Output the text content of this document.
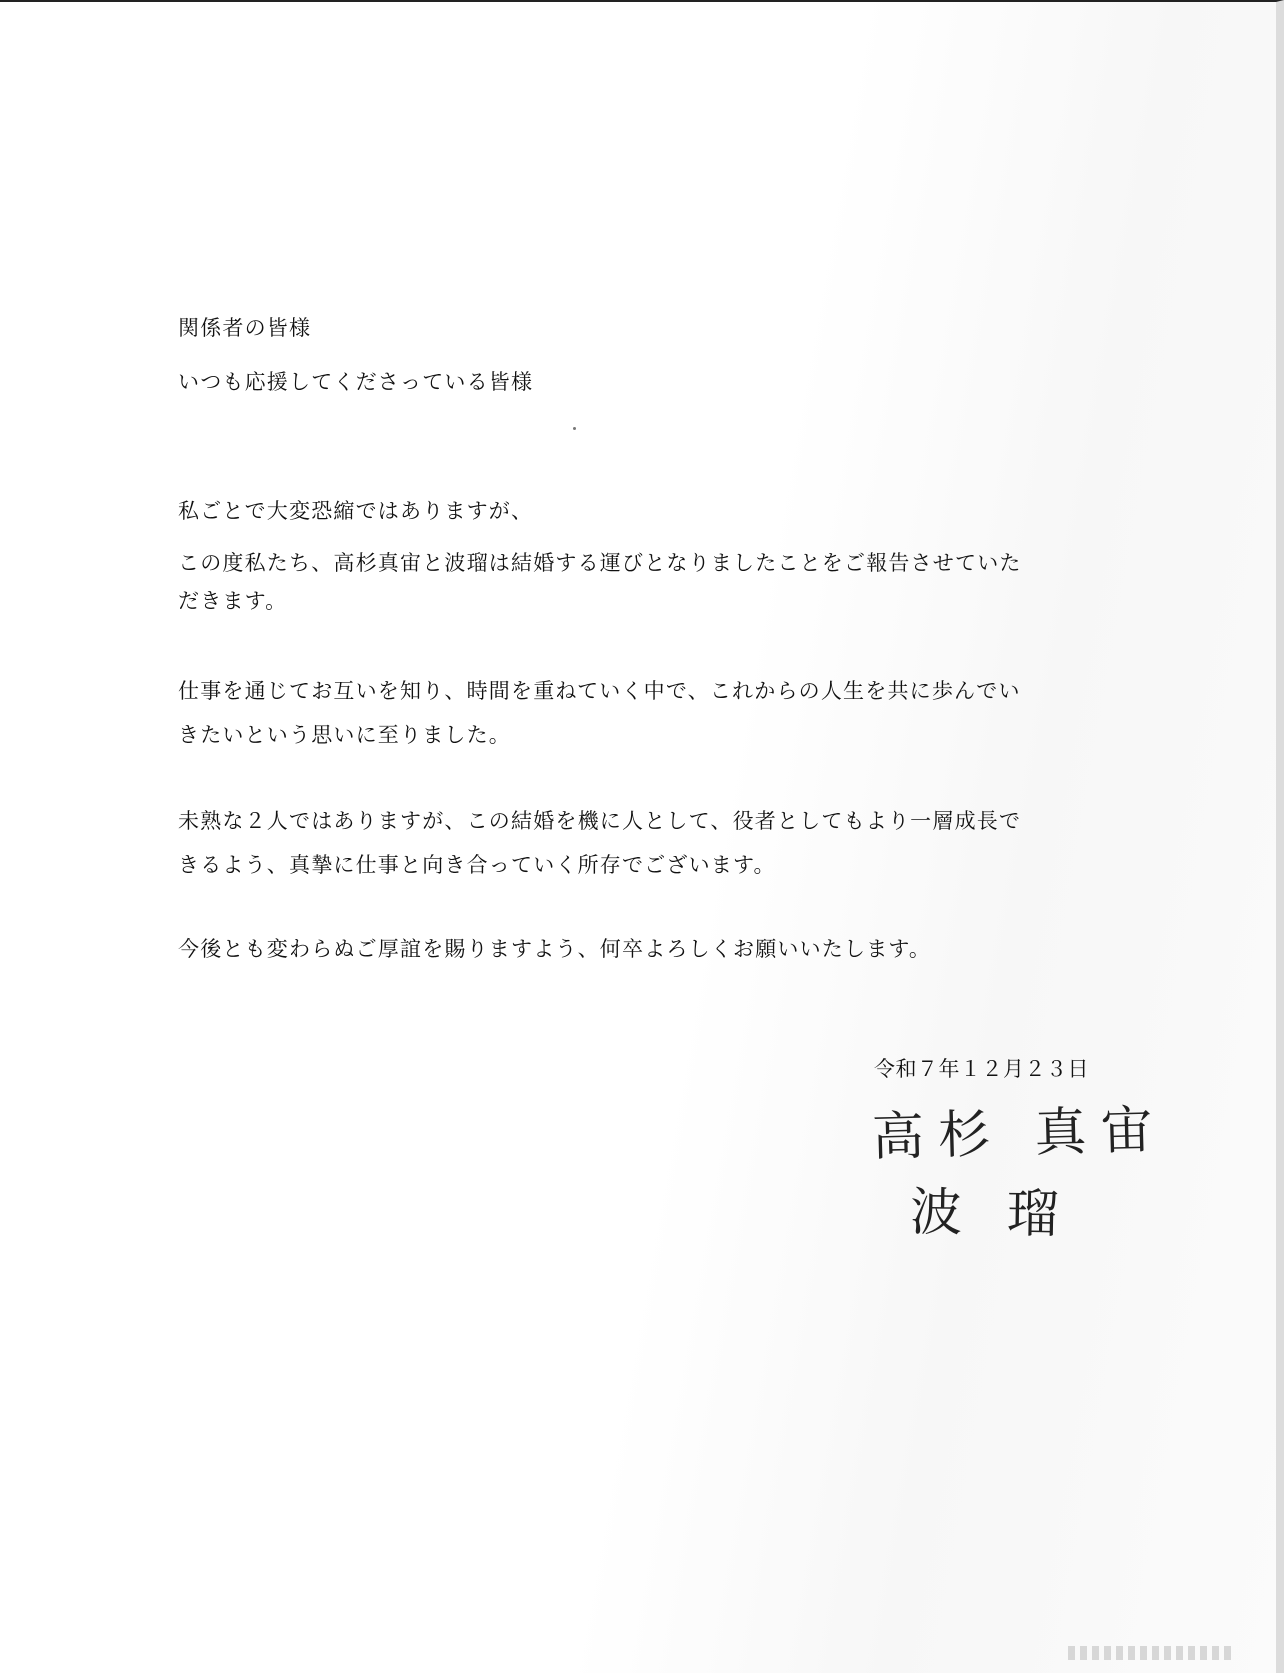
関係者の皆様
いつも応援してくださっている皆様
私ごとで大変恐縮ではありますが、
この度私たち、高杉真宙と波瑠は結婚する運びとなりましたことをご報告させていた
だきます。
仕事を通じてお互いを知り、時間を重ねていく中で、これからの人生を共に歩んでい
きたいという思いに至りました。
未熟な２人ではありますが、この結婚を機に人として、役者としてもより一層成長で
きるよう、真摯に仕事と向き合っていく所存でございます。
今後とも変わらぬご厚誼を賜りますよう、何卒よろしくお願いいたします。
令和７年１２月２３日
高杉 真宙
波 瑠
